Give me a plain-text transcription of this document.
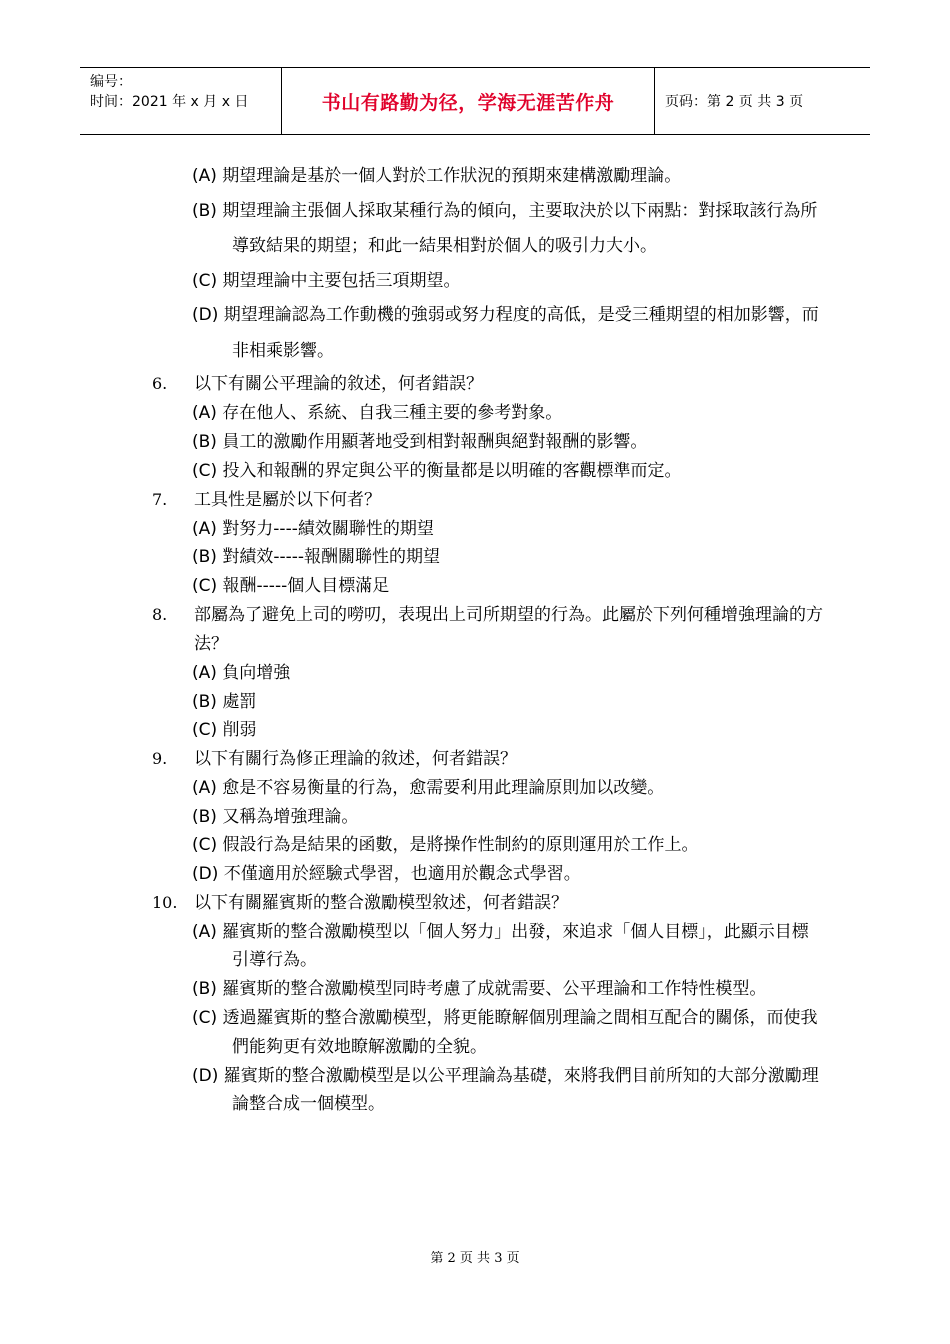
编号：
时间：2021 年 x 月 x 日	书山有路勤为径，学海无涯苦作舟	页码：第 2 页 共 3 页
(A) 期望理論是基於一個人對於工作狀況的預期來建構激勵理論。
(B) 期望理論主張個人採取某種行為的傾向，主要取決於以下兩點：對採取該行為所
導致結果的期望；和此一結果相對於個人的吸引力大小。
(C) 期望理論中主要包括三項期望。
(D) 期望理論認為工作動機的強弱或努力程度的高低，是受三種期望的相加影響，而
非相乘影響。
6. 以下有關公平理論的敘述，何者錯誤？
(A) 存在他人、系統、自我三種主要的參考對象。
(B) 員工的激勵作用顯著地受到相對報酬與絕對報酬的影響。
(C) 投入和報酬的界定與公平的衡量都是以明確的客觀標準而定。
7. 工具性是屬於以下何者？
(A) 對努力----績效關聯性的期望
(B) 對績效-----報酬關聯性的期望
(C) 報酬-----個人目標滿足
8. 部屬為了避免上司的嘮叨，表現出上司所期望的行為。此屬於下列何種增強理論的方
法？
(A) 負向增強
(B) 處罰
(C) 削弱
9. 以下有關行為修正理論的敘述，何者錯誤？
(A) 愈是不容易衡量的行為，愈需要利用此理論原則加以改變。
(B) 又稱為增強理論。
(C) 假設行為是結果的函數，是將操作性制約的原則運用於工作上。
(D) 不僅適用於經驗式學習，也適用於觀念式學習。
10. 以下有關羅賓斯的整合激勵模型敘述，何者錯誤？
(A) 羅賓斯的整合激勵模型以「個人努力」出發，來追求「個人目標」，此顯示目標
引導行為。
(B) 羅賓斯的整合激勵模型同時考慮了成就需要、公平理論和工作特性模型。
(C) 透過羅賓斯的整合激勵模型，將更能瞭解個別理論之間相互配合的關係，而使我
們能夠更有效地瞭解激勵的全貌。
(D) 羅賓斯的整合激勵模型是以公平理論為基礎，來將我們目前所知的大部分激勵理
論整合成一個模型。
第 2 页 共 3 页
